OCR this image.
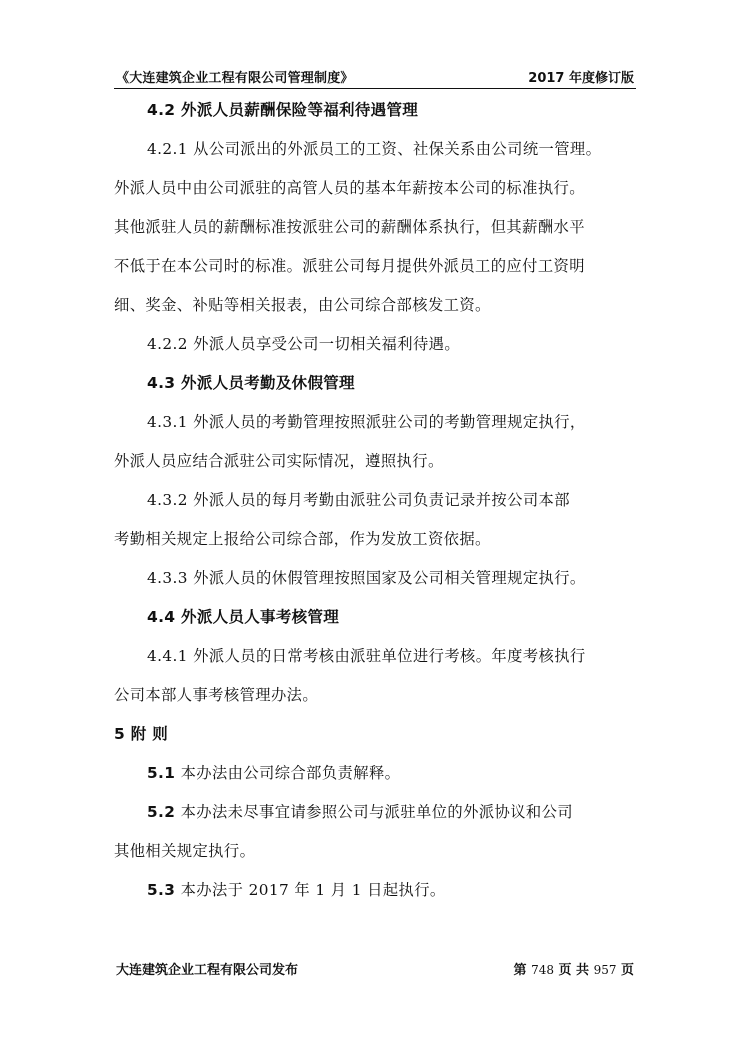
《大连建筑企业工程有限公司管理制度》	2017 年度修订版
4.2 外派人员薪酬保险等福利待遇管理
4.2.1 从公司派出的外派员工的工资、社保关系由公司统一管理。
外派人员中由公司派驻的高管人员的基本年薪按本公司的标准执行。
其他派驻人员的薪酬标准按派驻公司的薪酬体系执行，但其薪酬水平
不低于在本公司时的标准。派驻公司每月提供外派员工的应付工资明
细、奖金、补贴等相关报表，由公司综合部核发工资。
4.2.2 外派人员享受公司一切相关福利待遇。
4.3 外派人员考勤及休假管理
4.3.1 外派人员的考勤管理按照派驻公司的考勤管理规定执行，
外派人员应结合派驻公司实际情况，遵照执行。
4.3.2 外派人员的每月考勤由派驻公司负责记录并按公司本部
考勤相关规定上报给公司综合部，作为发放工资依据。
4.3.3 外派人员的休假管理按照国家及公司相关管理规定执行。
4.4 外派人员人事考核管理
4.4.1 外派人员的日常考核由派驻单位进行考核。年度考核执行
公司本部人事考核管理办法。
5 附 则
5.1 本办法由公司综合部负责解释。
5.2 本办法未尽事宜请参照公司与派驻单位的外派协议和公司
其他相关规定执行。
5.3 本办法于 2017 年 1 月 1 日起执行。
大连建筑企业工程有限公司发布	第 748 页 共 957 页
